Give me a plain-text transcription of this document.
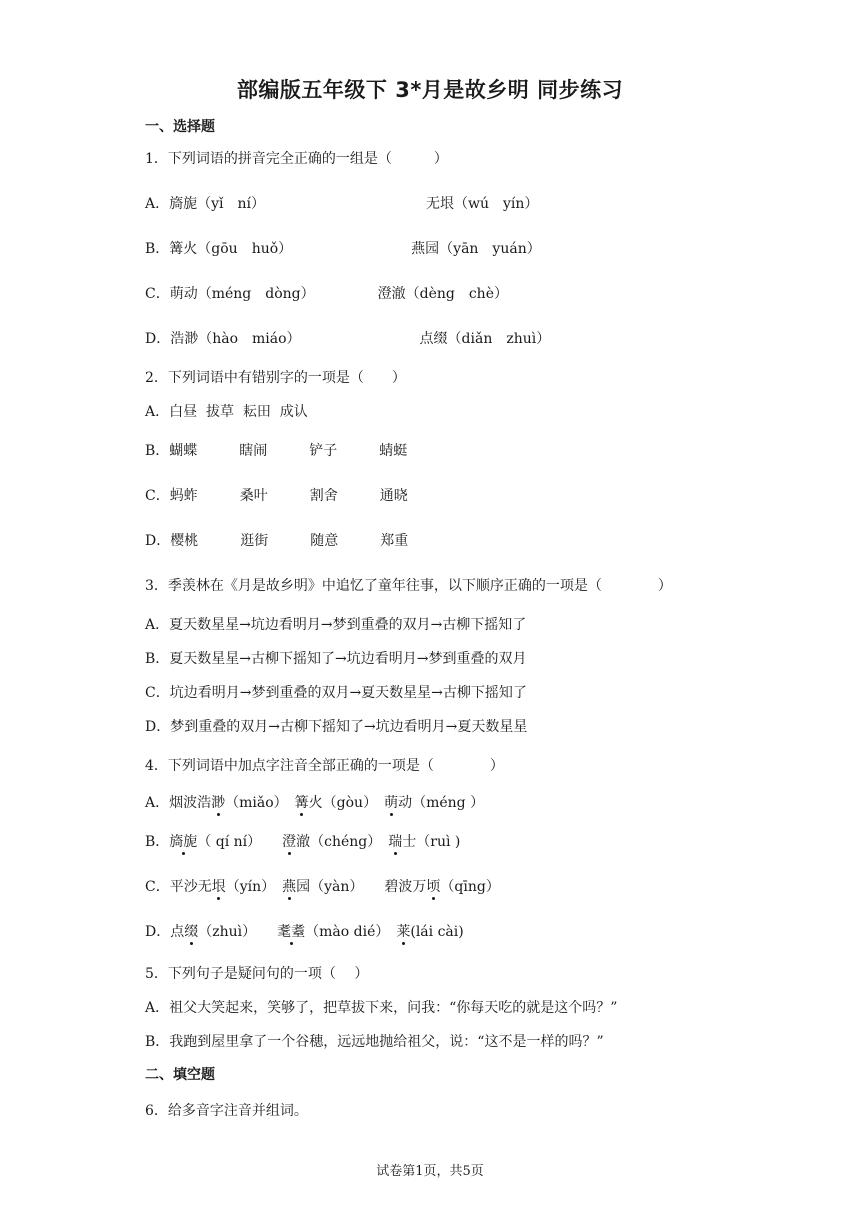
部编版五年级下 3*月是故乡明 同步练习
一、选择题
1．下列词语的拼音完全正确的一组是（　　　）
A．旖旎（yǐ　ní）　　　　　　　　　　　　无垠（wú　yín）
B．篝火（gōu　huǒ）　　　　　　　　　燕园（yān　yuán）
C．萌动（méng　dòng）　　　　　澄澈（dèng　chè）
D．浩渺（hào　miáo）　　　　　　　　　点缀（diǎn　zhuì）
2．下列词语中有错别字的一项是（　　）
A．白昼  拔草  耘田  成认
B．蝴蝶　　　瞎闹　　　铲子　　　蜻蜓
C．蚂蚱　　　桑叶　　　割舍　　　通晓
D．樱桃　　　逛街　　　随意　　　郑重
3．季羡林在《月是故乡明》中追忆了童年往事，以下顺序正确的一项是（　　　　）
A．夏天数星星→坑边看明月→梦到重叠的双月→古柳下摇知了
B．夏天数星星→古柳下摇知了→坑边看明月→梦到重叠的双月
C．坑边看明月→梦到重叠的双月→夏天数星星→古柳下摇知了
D．梦到重叠的双月→古柳下摇知了→坑边看明月→夏天数星星
4．下列词语中加点字注音全部正确的一项是（　　　　）
A．烟波浩渺（miǎo）　篝火（gòu）　萌动（méng ）
B．旖旎（ qí ní）　　澄澈（chéng）　瑞士（ruì )
C．平沙无垠（yín）　燕园（yàn）　　碧波万顷（qīng）
D．点缀（zhuì）　　耄耋（mào dié）　莱(lái cài)
5．下列句子是疑问句的一项（　 ）
A．祖父大笑起来，笑够了，把草拔下来，问我：“你每天吃的就是这个吗？”
B．我跑到屋里拿了一个谷穗，远远地抛给祖父，说：“这不是一样的吗？”
二、填空题
6．给多音字注音并组词。
试卷第1页，共5页
